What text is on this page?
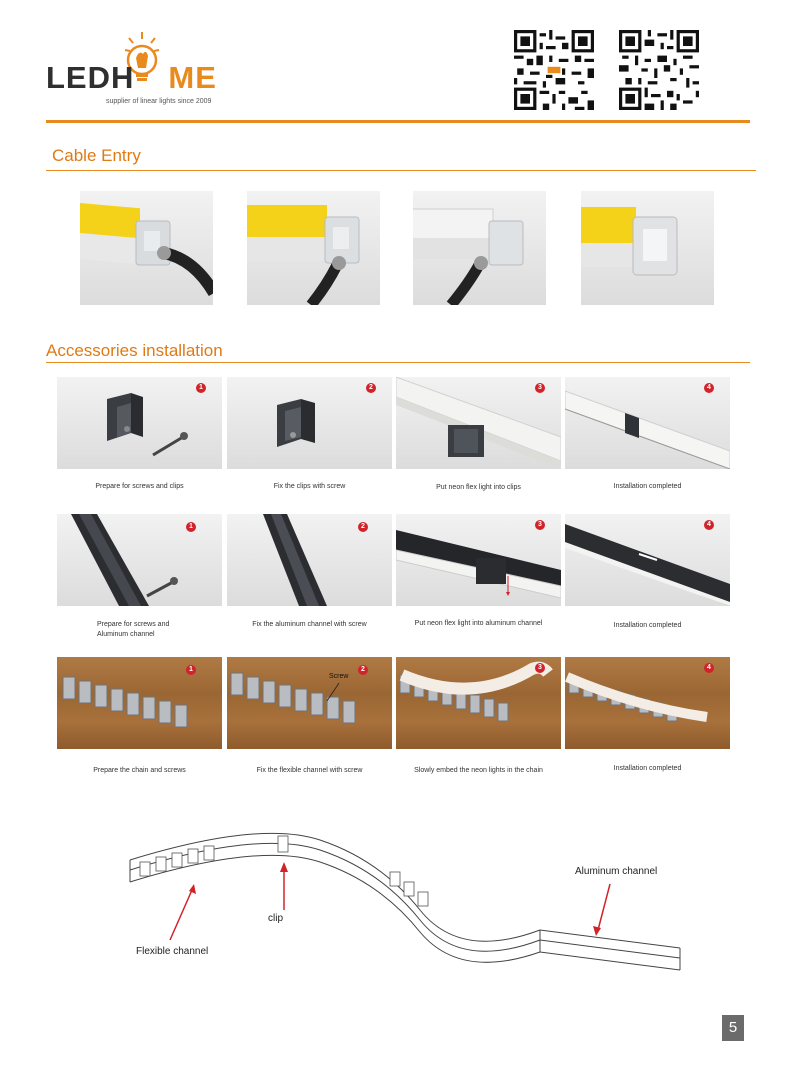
LEDH ME
supplier of linear lights since 2009
Cable Entry
Accessories installation
1	2	3	4
Prepare for screws and clips	Fix the clips with screw	Put neon flex light into clips	Installation completed
1	2	3	4
Prepare for screws and
Aluminum channel
Fix the aluminum channel with screw	Put neon flex light into aluminum channel	Installation completed
1
Screw
2	3	4
Prepare the chain and screws	Fix the flexible channel with screw	Slowly embed the neon lights in the chain	Installation completed
clip
Flexible channel
Aluminum channel
5
